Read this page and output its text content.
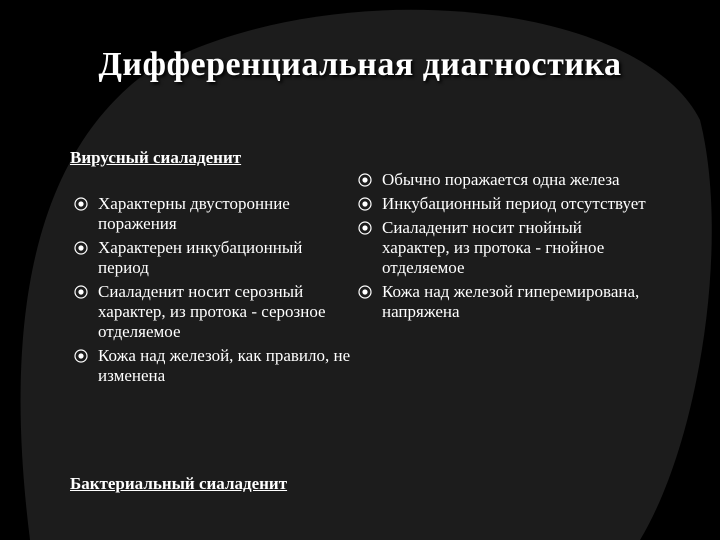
Дифференциальная диагностика
Вирусный сиаладенит
Характерны двусторонние поражения
Характерен инкубационный период
Сиаладенит носит серозный характер, из протока - серозное отделяемое
Кожа над железой, как правило, не изменена
Обычно поражается одна железа
Инкубационный период отсутствует
Сиаладенит носит гнойный характер, из протока - гнойное отделяемое
Кожа над железой гиперемирована, напряжена
Бактериальный сиаладенит
